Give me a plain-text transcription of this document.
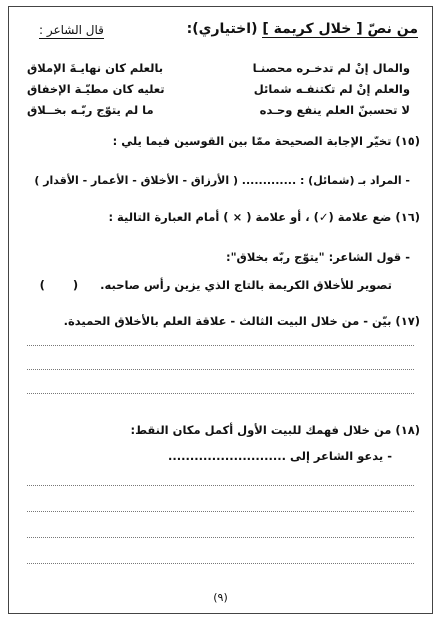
من نصّ [ خلال كريمة ] (اختياري):
قال الشاعر :
والمال إنْ لم تدخـره محصنـا
بالعلم كان نهايـةَ الإملاق
والعلم إنْ لم تكتنفـه شمائل
تعليه كان مطيّـة الإخفاق
لا تحسبنّ العلم ينفع وحـده
ما لم يتوّج ربّـه بخــلاق
(١٥) تخيّر الإجابة الصحيحة ممّا بين القوسين فيما يلي :
- المراد بـ (شمائل) : ............. ( الأرزاق - الأخلاق - الأعمار - الأقدار )
(١٦) ضع علامة (✓) ، أو علامة ( × ) أمام العبارة التالية :
- قول الشاعر: "يتوّج ربّه بخلاق":
تصوير للأخلاق الكريمة بالتاج الذي يزين رأس صاحبه. ()
(١٧) بيّن - من خلال البيت الثالث - علاقة العلم بالأخلاق الحميدة.
(١٨) من خلال فهمك للبيت الأول أكمل مكان النقط:
- يدعو الشاعر إلى ...........................
(٩)
